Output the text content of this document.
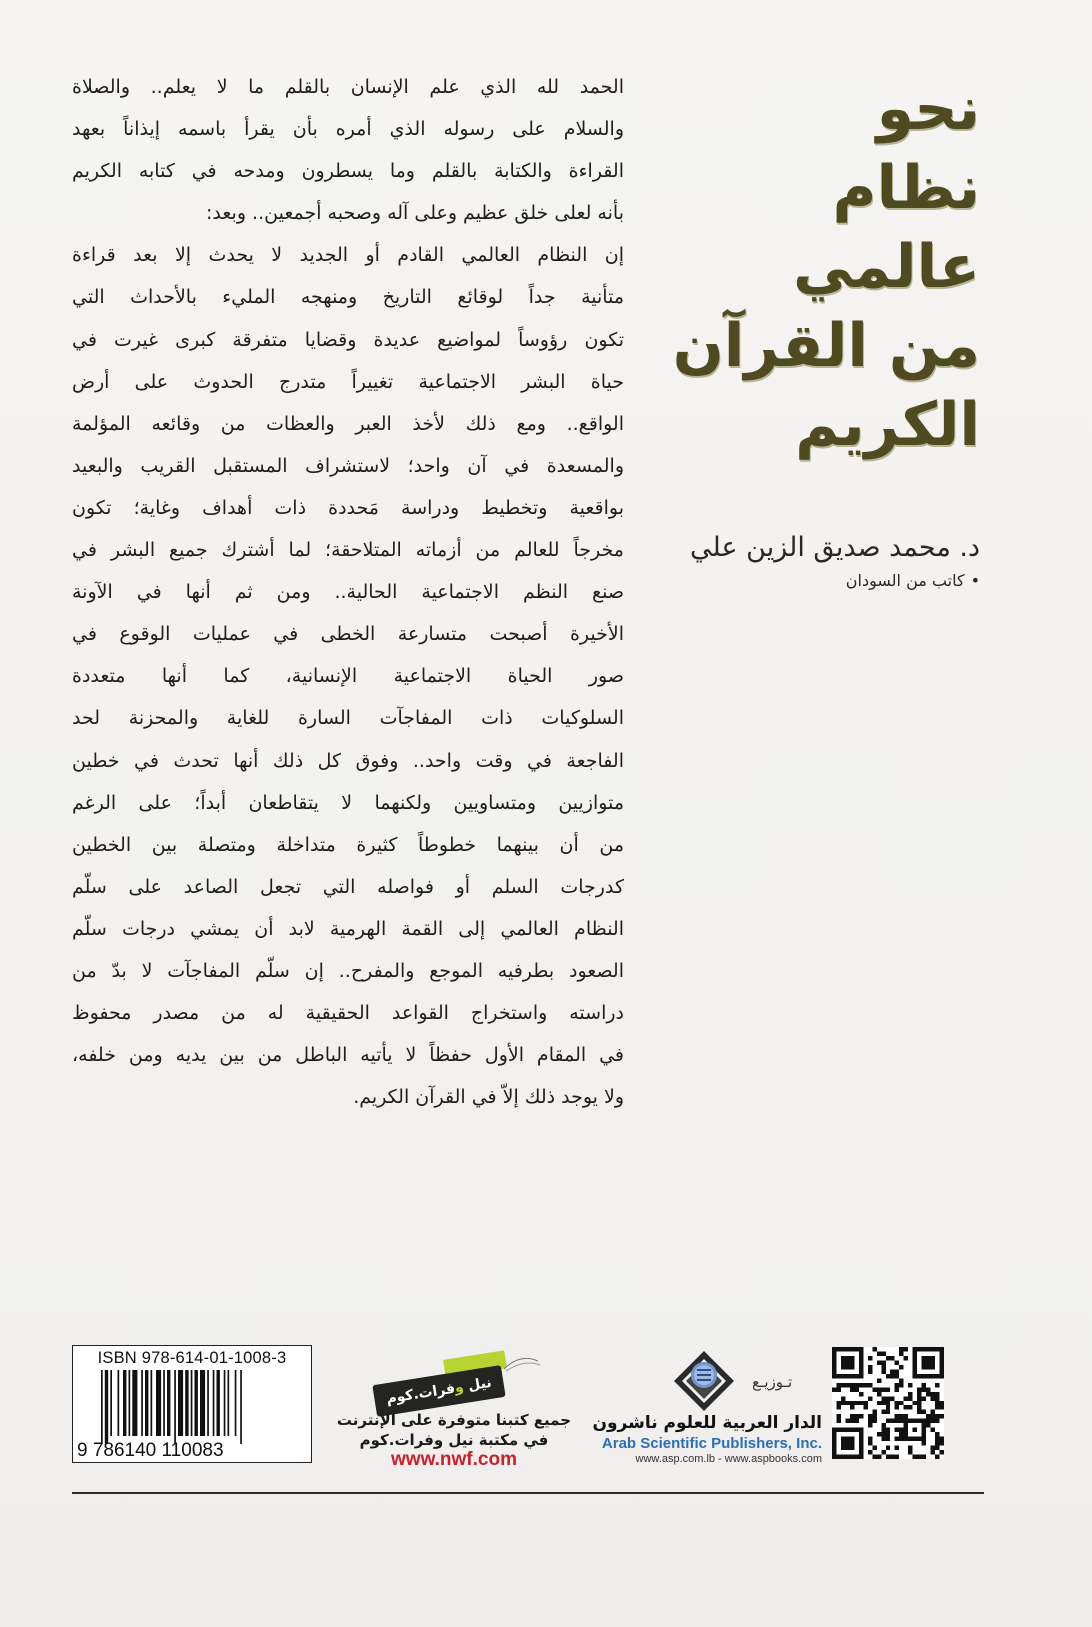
نحو
نظام عالمي
من القرآن
الكريم
د. محمد صديق الزين علي
•كاتب من السودان
الحمد لله الذي علم الإنسان بالقلم ما لا يعلم.. والصلاة
والسلام على رسوله الذي أمره بأن يقرأ باسمه إيذاناً بعهد
القراءة والكتابة بالقلم وما يسطرون ومدحه في كتابه الكريم
بأنه لعلى خلق عظيم وعلى آله وصحبه أجمعين.. وبعد:
إن النظام العالمي القادم أو الجديد لا يحدث إلا بعد قراءة
متأنية جداً لوقائع التاريخ ومنهجه المليء بالأحداث التي
تكون رؤوساً لمواضيع عديدة وقضايا متفرقة كبرى غيرت في
حياة البشر الاجتماعية تغييراً متدرج الحدوث على أرض
الواقع.. ومع ذلك لأخذ العبر والعظات من وقائعه المؤلمة
والمسعدة في آن واحد؛ لاستشراف المستقبل القريب والبعيد
بواقعية وتخطيط ودراسة مَحددة ذات أهداف وغاية؛ تكون
مخرجاً للعالم من أزماته المتلاحقة؛ لما أشترك جميع البشر في
صنع النظم الاجتماعية الحالية.. ومن ثم أنها في الآونة
الأخيرة أصبحت متسارعة الخطى في عمليات الوقوع في
صور الحياة الاجتماعية الإنسانية، كما أنها متعددة
السلوكيات ذات المفاجآت السارة للغاية والمحزنة لحد
الفاجعة في وقت واحد.. وفوق كل ذلك أنها تحدث في خطين
متوازيين ومتساويين ولكنهما لا يتقاطعان أبداً؛ على الرغم
من أن بينهما خطوطاً كثيرة متداخلة ومتصلة بين الخطين
كدرجات السلم أو فواصله التي تجعل الصاعد على سلّم
النظام العالمي إلى القمة الهرمية لابد أن يمشي درجات سلّم
الصعود بطرفيه الموجع والمفرح.. إن سلّم المفاجآت لا بدّ من
دراسته واستخراج القواعد الحقيقية له من مصدر محفوظ
في المقام الأول حفظاً لا يأتيه الباطل من بين يديه ومن خلفه،
ولا يوجد ذلك إلاّ في القرآن الكريم.
ISBN 978-614-01-1008-3
9 786140 110083
نيل وفرات.كوم
جميع كتبنا متوفرة على الإنترنت
في مكتبة نيل وفرات.كوم
www.nwf.com
تـوزيـع
الدار العربية للعلوم ناشرون
Arab Scientific Publishers, Inc.
www.asp.com.lb - www.aspbooks.com
